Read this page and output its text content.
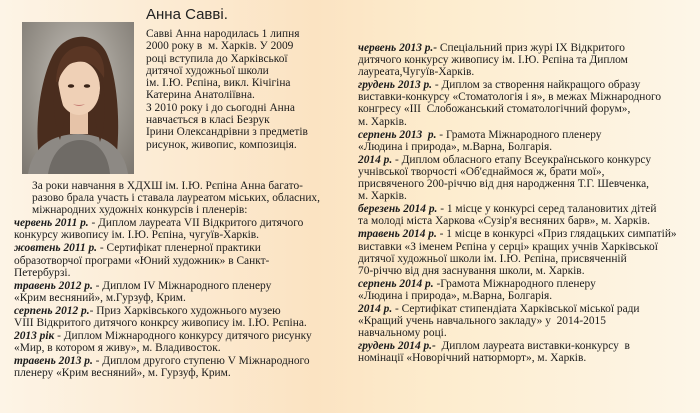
Анна Савві.

Савві Анна народилась 1 липня
2000 року в  м. Харків. У 2009
році вступила до Харківської
дитячої художньої школи
ім. І.Ю. Рєпіна, викл. Кічігіна
Катерина Анатоліївна.
З 2010 року і до сьогодні Анна
навчається в класі Безрук
Ірини Олександрівни з предметів
рисунок, живопис, композиція.

За роки навчання в ХДХШ ім. І.Ю. Рєпіна Анна багато-
разово брала участь і ставала лауреатом міських, обласних,
міжнародних художніх конкурсів і пленерів:

червень 2011 р. - Диплом лауреата VII Відкритого дитячого
конкурсу живопису ім. І.Ю. Рєпіна, чугуїв-Харків.

жовтень 2011 р. - Сертифікат пленерної практики
образотворчої програми «Юний художник» в Санкт-
Петербурзі.

травень 2012 р. - Диплом IV Міжнародного пленеру
«Крим весняний», м.Гурзуф, Крим.

серпень 2012 р.- Приз Харківського художнього музею
VIII Відкритого дитячого конкрсу живопису ім. І.Ю. Рєпіна.

2013 рік - Диплом Міжнародного конкурсу дитячого рисунку
«Мир, в котором я живу», м. Владивосток.

травень 2013 р. - Диплом другого ступеню V Міжнародного
пленеру «Крим весняний», м. Гурзуф, Крим.

червень 2013 р.- Спеціальний приз журі IX Відкритого
дитячого конкурсу живопису ім. І.Ю. Рєпіна та Диплом
лауреата,Чугуїв-Харків.

грудень 2013 р. - Диплом за створення найкращого образу
виставки-конкурсу «Стоматологія і я», в межах Міжнародного
конгресу «ІІІ  Слобожанський стоматологічний форум»,
м. Харків.

серпень 2013  р. - Грамота Міжнародного пленеру
«Людина і природа», м.Варна, Болгарія.

2014 р. - Диплом обласного етапу Всеукраїнського конкурсу
учнівської творчості «Об'єднаймося ж, брати мої»,
присвяченого 200-річчю від дня народження Т.Г. Шевченка,
м. Харків.

березень 2014 р. - 1 місце у конкурсі серед талановитих дітей
та молоді міста Харкова «Сузір'я весняних барв», м. Харків.

травень 2014 р. - 1 місце в конкурсі «Приз глядацьких симпатій»
виставки «З іменем Рєпіна у серці» кращих учнів Харківської
дитячої художньої школи ім. І.Ю. Рєпіна, присвяченній
70-річчю від дня заснування школи, м. Харків.

серпень 2014 р. -Грамота Міжнародного пленеру
«Людина і природа», м.Варна, Болгарія.

2014 р. - Сертифікат стипендіата Харківської міської ради
«Кращий учень навчального закладу» у  2014-2015
навчальному році.

грудень 2014 р.-  Диплом лауреата виставки-конкурсу  в
номінації «Новорічний натюрморт», м. Харків.
